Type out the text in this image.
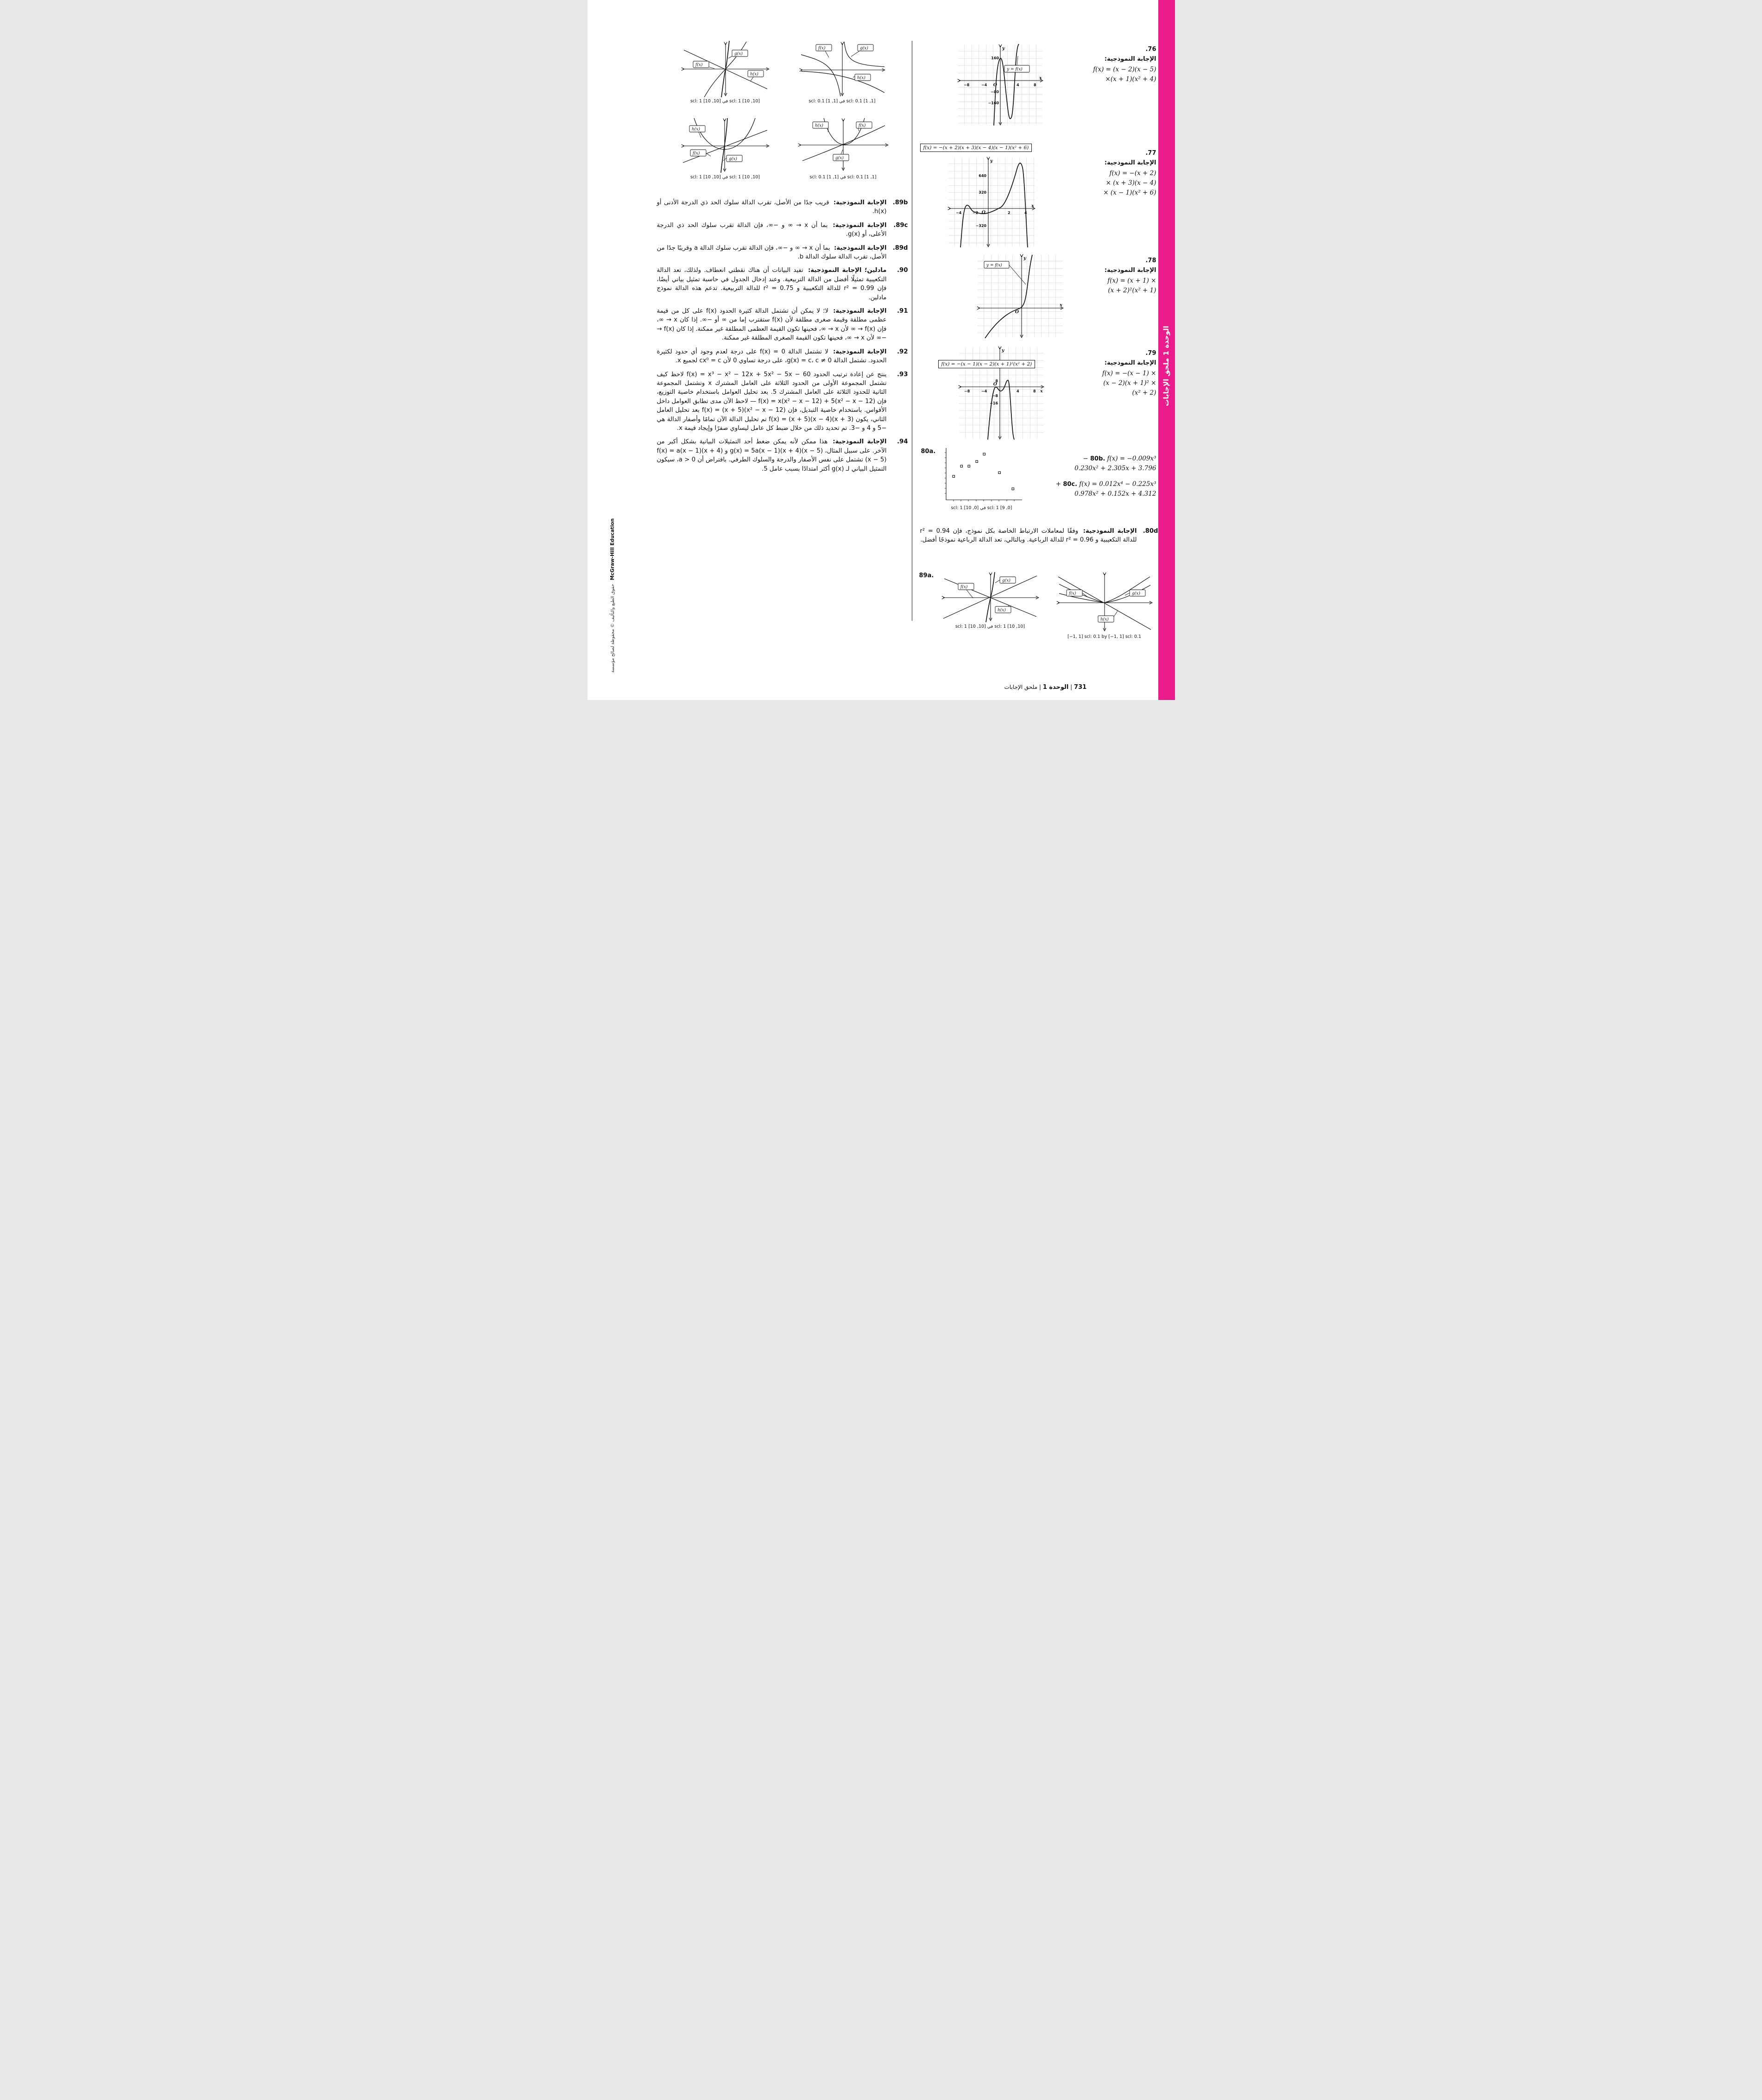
الوحدة 1 ملحق الإجابات
حقوق الطبع والتأليف © محفوظة لصالح مؤسسة
McGraw-Hill Education
f(x)
g(x)
h(x)
[10, 10] scl: 1 في [10, 10] scl: 1
f(x)	g(x)
h(x)
[1, 1] scl: 0.1 في [1, 1] scl: 0.1
h(x)
f(x)
g(x)
[10, 10] scl: 1 في [10, 10] scl: 1
h(x)	f(x)
g(x)
[1, 1] scl: 0.1 في [1, 1] scl: 0.1
89b.
الإجابة النموذجية: قريب جدًا من الأصل، تقرب الدالة سلوك الحد ذي الدرجة الأدنى أو h(x).
89c.
الإجابة النموذجية: بما أن x → ∞ و −∞، فإن الدالة تقرب سلوك الحد ذي الدرجة الأعلى، أو g(x).
89d.
الإجابة النموذجية: بما أن x → ∞ و −∞، فإن الدالة تقرب سلوك الدالة a وقريبًا جدًا من الأصل، تقرب الدالة سلوك الدالة b.
90.
مادلين؛ الإجابة النموذجية: تفيد البيانات أن هناك نقطتي انعطاف. ولذلك، تعد الدالة التكعيبية تمثيلًا أفضل من الدالة التربيعية. وعند إدخال الجدول في حاسبة تمثيل بياني أيضًا، فإن r² = 0.99 للدالة التكعيبية و r² = 0.75 للدالة التربيعية. تدعم هذه الدالة نموذج مادلين.
91.
الإجابة النموذجية: لا؛ لا يمكن أن تشتمل الدالة كثيرة الحدود f(x) على كل من قيمة عظمى مطلقة وقيمة صغرى مطلقة لأن f(x) ستقترب إما من ∞ أو −∞. إذا كان x → ∞، فإن f(x) → ∞ لأن x → ∞، فحينها تكون القيمة العظمى المطلقة غير ممكنة. إذا كان f(x) → −∞ لأن x → ∞، فحينها تكون القيمة الصغرى المطلقة غير ممكنة.
92.
الإجابة النموذجية: لا تشتمل الدالة f(x) = 0 على درجة لعدم وجود أي حدود لكثيرة الحدود. تشتمل الدالة g(x) = c، c ≠ 0، على درجة تساوي 0 لأن cx⁰ = c لجميع x.
93.
ينتج عن إعادة ترتيب الحدود f(x) = x³ − x² − 12x + 5x² − 5x − 60 لاحظ كيف تشتمل المجموعة الأولى من الحدود الثلاثة على العامل المشترك x وتشتمل المجموعة الثانية للحدود الثلاثة على العامل المشترك 5. بعد تحليل العوامل باستخدام خاصية التوزيع، فإن f(x) = x(x² − x − 12) + 5(x² − x − 12) — لاحظ الآن مدى تطابق العوامل داخل الأقواس. باستخدام خاصية التبديل، فإن f(x) = (x + 5)(x² − x − 12) بعد تحليل العامل الثاني، يكون f(x) = (x + 5)(x − 4)(x + 3) تم تحليل الدالة الآن تمامًا وأصفار الدالة هي −5 و 4 و −3. تم تحديد ذلك من خلال ضبط كل عامل ليساوي صفرًا وإيجاد قيمة x.
94.
الإجابة النموذجية: هذا ممكن لأنه يمكن ضغط أحد التمثيلات البيانية بشكل أكبر من الآخر. على سبيل المثال، g(x) = 5a(x − 1)(x + 4)(x − 5) و f(x) = a(x − 1)(x + 4)(x − 5) تشتمل على نفس الأصفار والدرجة والسلوك الطرفي. بافتراض أن a > 0، سيكون التمثيل البياني لـ g(x) أكثر امتدادًا بسبب عامل 5.
76.
الإجابة النموذجية:
f(x) = (x − 2)(x − 5)
×(x + 1)(x² + 4)
160
−80
−160
−8	−4	4	8
O
x
y
y = f(x)
f(x) = −(x + 2)(x + 3)(x − 4)(x − 1)(x² + 6)
77.
الإجابة النموذجية:
f(x) = −(x + 2)
× (x + 3)(x − 4)
× (x − 1)(x² + 6)
640
320
−320
−4	−2	2	4
O
x
y
78.
الإجابة النموذجية:
f(x) = (x + 1) ×
(x + 2)²(x² + 1)
O
x
y
y = f(x)
79.
الإجابة النموذجية:
f(x) = −(x − 1) ×
(x − 2)(x + 1)² ×
(x² + 2)
8
−8
−16
−8	−4	4	8
O
x
y
f(x) = −(x − 1)(x − 2)(x + 1)²(x² + 2)
80a.
[0, 9] scl: 1 في [0, 10] scl: 1
80b. f(x) = −0.009x³ −
0.230x² + 2.305x + 3.796
80c. f(x) = 0.012x⁴ − 0.225x³ +
0.978x² + 0.152x + 4.312
80d.
الإجابة النموذجية: وفقًا لمعاملات الارتباط الخاصة بكل نموذج، فإن r² = 0.94 للدالة التكعيبية و r² = 0.96 للدالة الرباعية. وبالتالي، تعد الدالة الرباعية نموذجًا أفضل.
89a.
f(x)
g(x)
h(x)
[10, 10] scl: 1 في [10, 10] scl: 1
f(x)	g(x)
h(x)
[−1, 1] scl: 0.1 by [−1, 1] scl: 0.1
731 | الوحدة 1 | ملحق الإجابات
